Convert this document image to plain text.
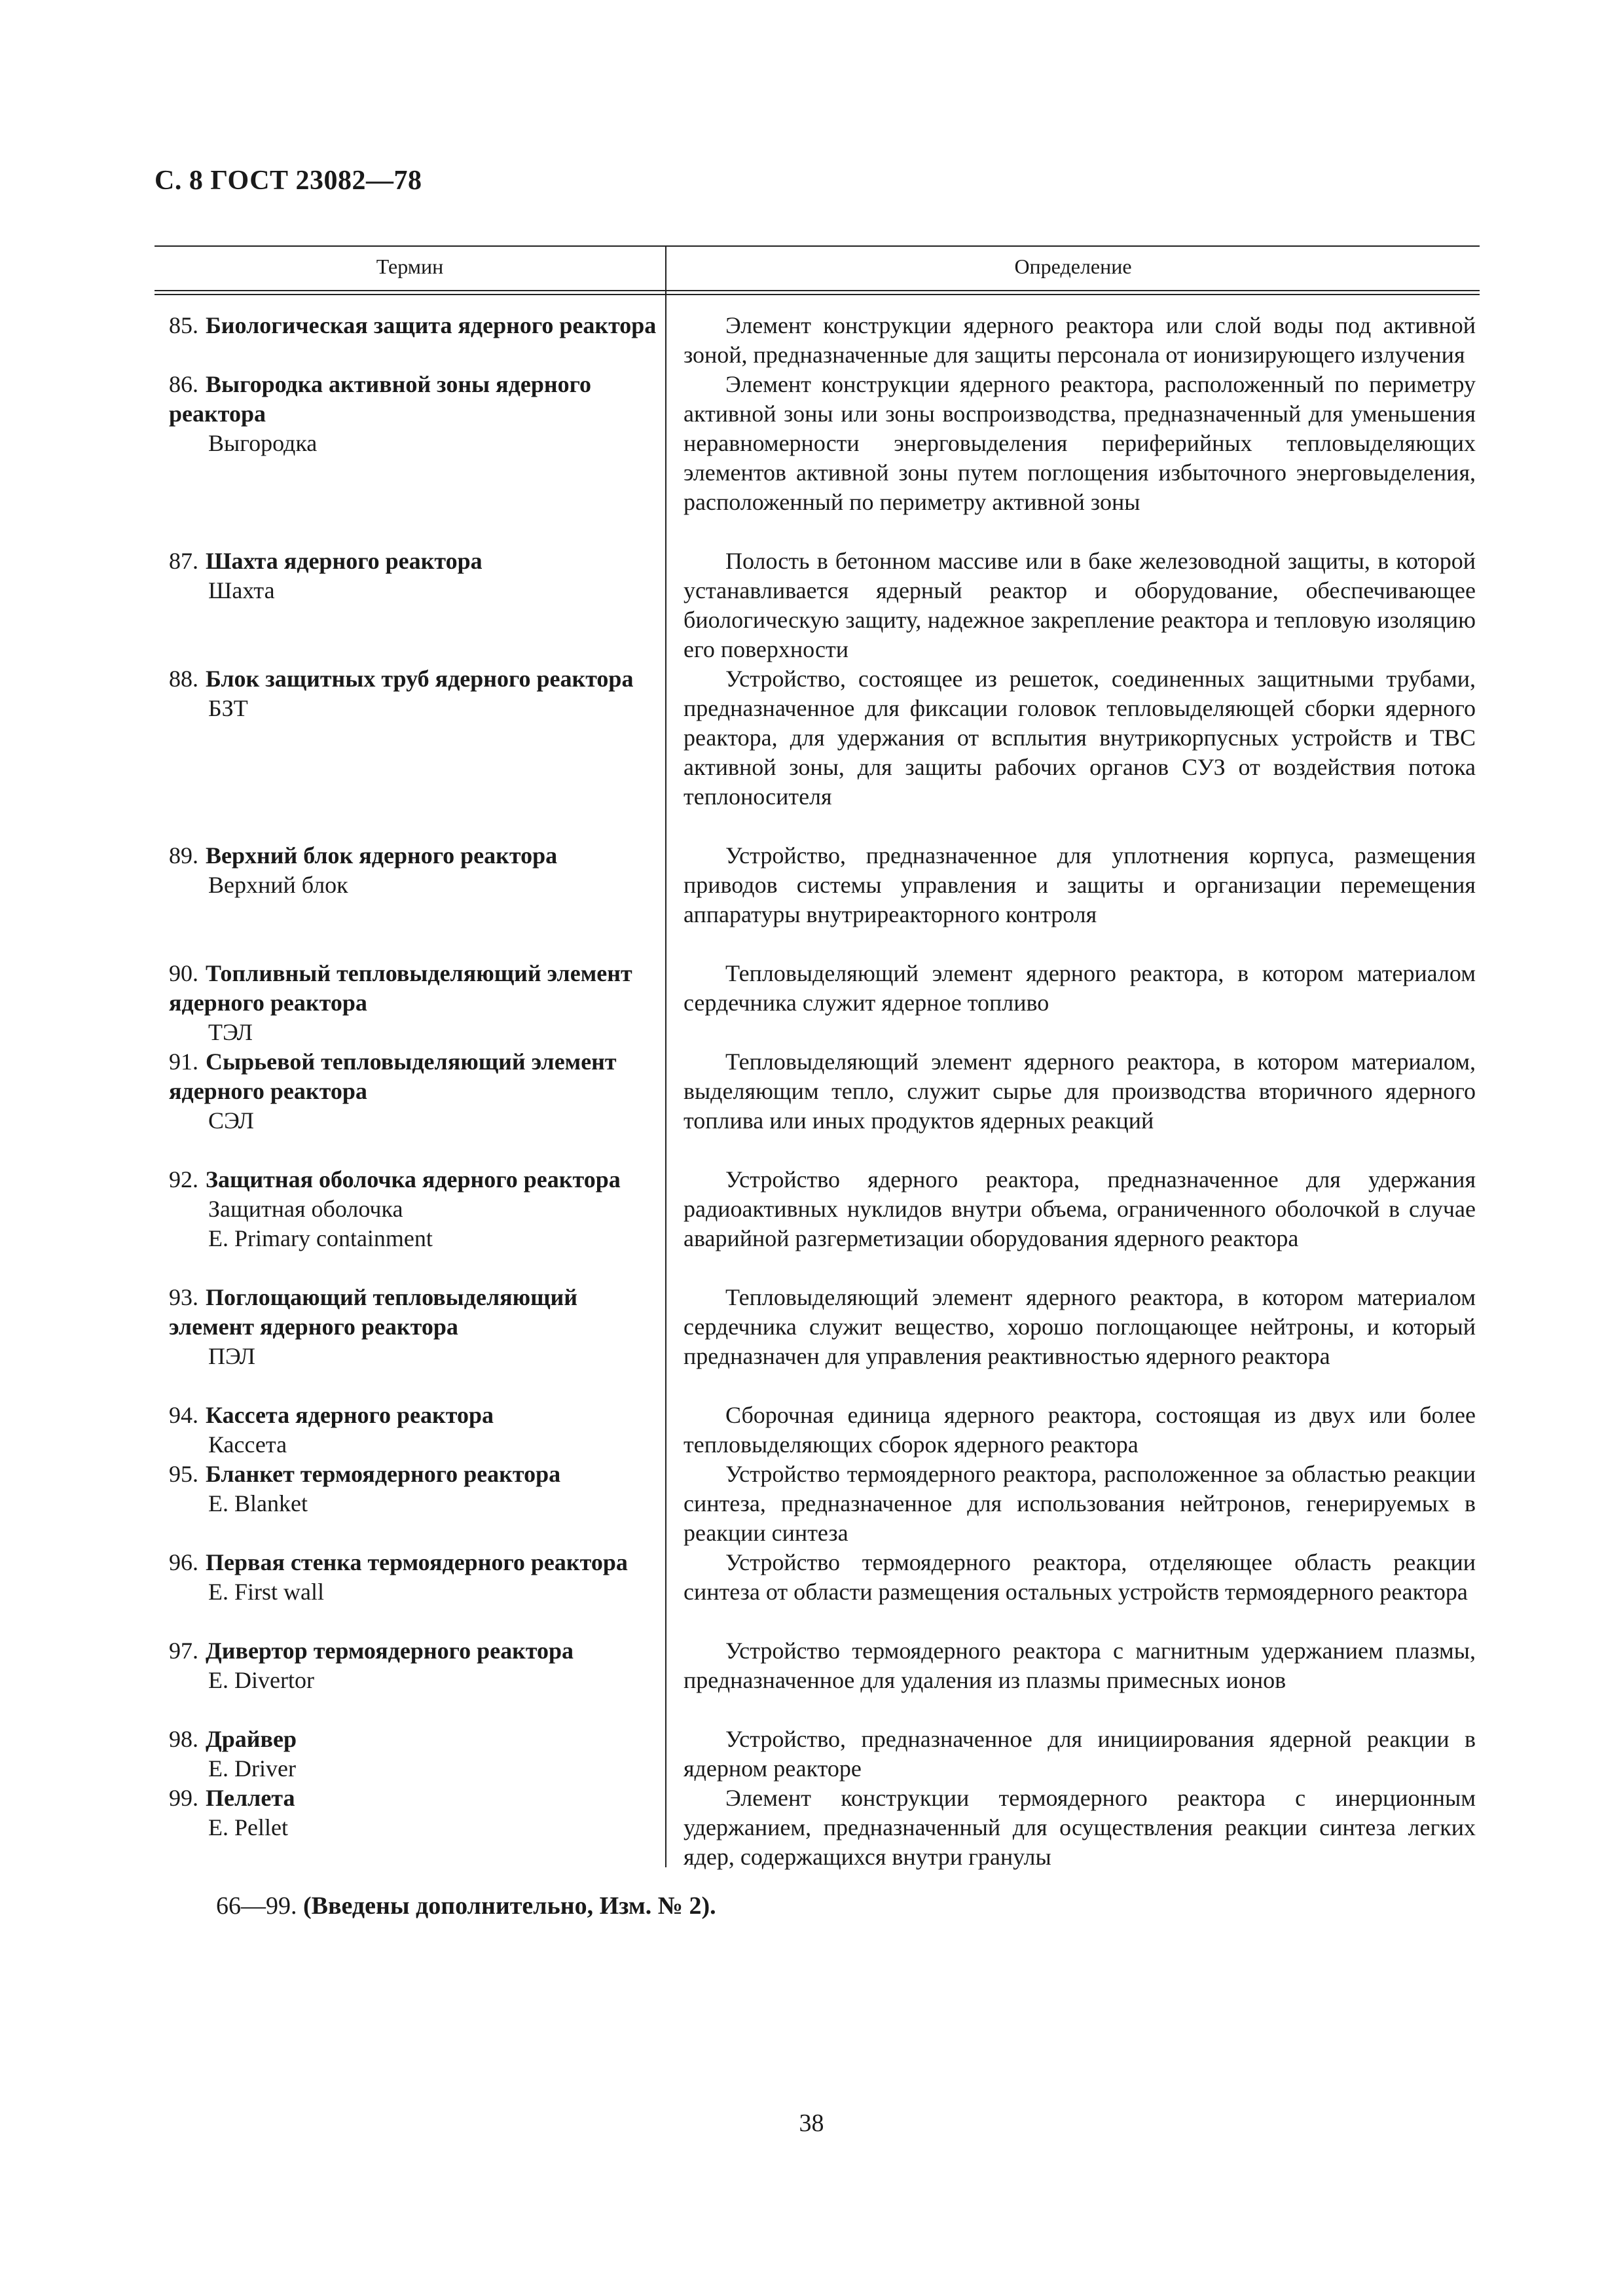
С. 8 ГОСТ 23082—78
Термин	Определение
85. Биологическая защита ядерного реактора	Элемент конструкции ядерного реактора или слой воды под активной зоной, предназначенные для защиты персонала от ионизирующего излучения
86. Выгородка активной зоны ядерного реактора
Выгородка
Элемент конструкции ядерного реактора, расположенный по периметру активной зоны или зоны воспроизводства, предназначенный для уменьшения неравномерности энерговыделения периферийных тепловыделяющих элементов активной зоны путем поглощения избыточного энерговыделения, расположенный по периметру активной зоны
87. Шахта ядерного реактора
Шахта
Полость в бетонном массиве или в баке железоводной защиты, в которой устанавливается ядерный реактор и оборудование, обеспечивающее биологическую защиту, надежное закрепление реактора и тепловую изоляцию его поверхности
88. Блок защитных труб ядерного реактора
БЗТ
Устройство, состоящее из решеток, соединенных защитными трубами, предназначенное для фиксации головок тепловыделяющей сборки ядерного реактора, для удержания от всплытия внутрикорпусных устройств и ТВС активной зоны, для защиты рабочих органов СУЗ от воздействия потока теплоносителя
89. Верхний блок ядерного реактора
Верхний блок
Устройство, предназначенное для уплотнения корпуса, размещения приводов системы управления и защиты и организации перемещения аппаратуры внутриреакторного контроля
90. Топливный тепловыделяющий элемент ядерного реактора
ТЭЛ
Тепловыделяющий элемент ядерного реактора, в котором материалом сердечника служит ядерное топливо
91. Сырьевой тепловыделяющий элемент ядерного реактора
СЭЛ
Тепловыделяющий элемент ядерного реактора, в котором материалом, выделяющим тепло, служит сырье для производства вторичного ядерного топлива или иных продуктов ядерных реакций
92. Защитная оболочка ядерного реактора
Защитная оболочка
E. Primary containment
Устройство ядерного реактора, предназначенное для удержания радиоактивных нуклидов внутри объема, ограниченного оболочкой в случае аварийной разгерметизации оборудования ядерного реактора
93. Поглощающий тепловыделяющий элемент ядерного реактора
ПЭЛ
Тепловыделяющий элемент ядерного реактора, в котором материалом сердечника служит вещество, хорошо поглощающее нейтроны, и который предназначен для управления реактивностью ядерного реактора
94. Кассета ядерного реактора
Кассета
Сборочная единица ядерного реактора, состоящая из двух или более тепловыделяющих сборок ядерного реактора
95. Бланкет термоядерного реактора
E. Blanket
Устройство термоядерного реактора, расположенное за областью реакции синтеза, предназначенное для использования нейтронов, генерируемых в реакции синтеза
96. Первая стенка термоядерного реактора
E. First wall
Устройство термоядерного реактора, отделяющее область реакции синтеза от области размещения остальных устройств термоядерного реактора
97. Дивертор термоядерного реактора
E. Divertor
Устройство термоядерного реактора с магнитным удержанием плазмы, предназначенное для удаления из плазмы примесных ионов
98. Драйвер
E. Driver
Устройство, предназначенное для инициирования ядерной реакции в ядерном реакторе
99. Пеллета
E. Pellet
Элемент конструкции термоядерного реактора с инерционным удержанием, предназначенный для осуществления реакции синтеза легких ядер, содержащихся внутри гранулы
66—99. (Введены дополнительно, Изм. № 2).
38
